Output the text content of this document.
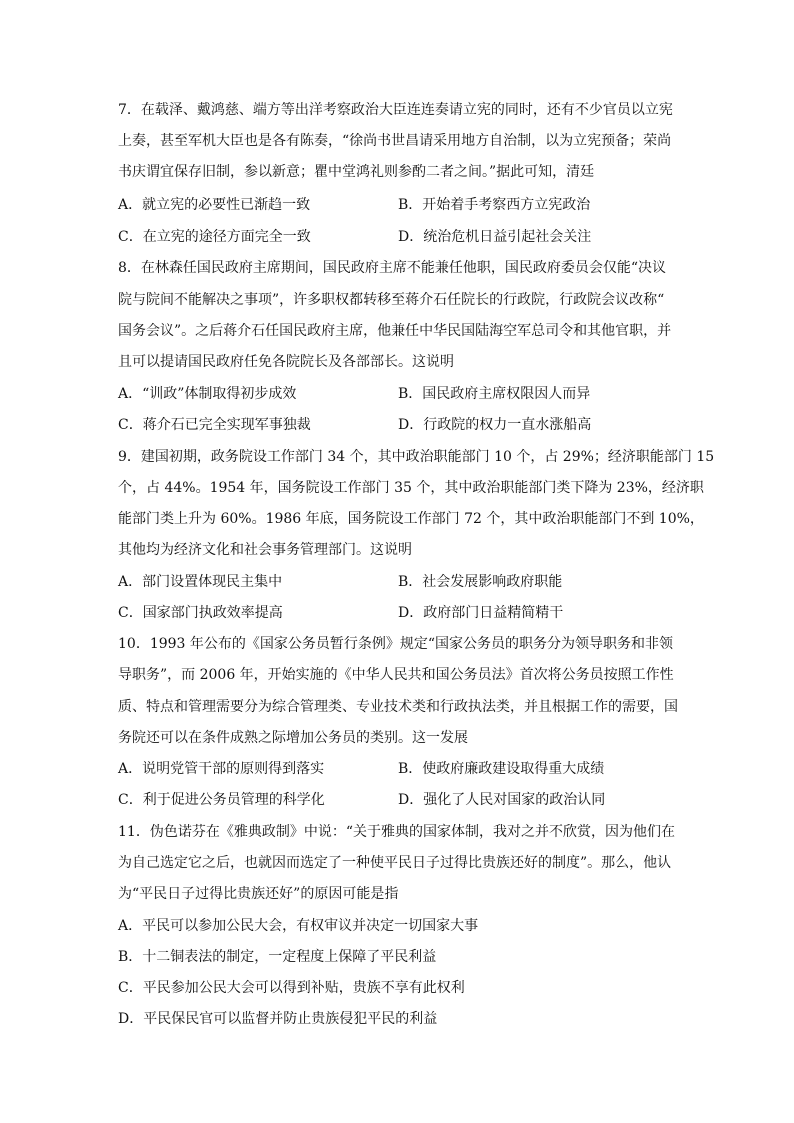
7．在载泽、戴鸿慈、端方等出洋考察政治大臣连连奏请立宪的同时，还有不少官员以立宪
上奏，甚至军机大臣也是各有陈奏，“徐尚书世昌请采用地方自治制，以为立宪预备；荣尚
书庆谓宜保存旧制，参以新意；瞿中堂鸿礼则参酌二者之间。”据此可知，清廷
A．就立宪的必要性已渐趋一致	B．开始着手考察西方立宪政治
C．在立宪的途径方面完全一致	D．统治危机日益引起社会关注
8．在林森任国民政府主席期间，国民政府主席不能兼任他职，国民政府委员会仅能“决议
院与院间不能解决之事项”，许多职权都转移至蒋介石任院长的行政院，行政院会议改称“
国务会议”。之后蒋介石任国民政府主席，他兼任中华民国陆海空军总司令和其他官职，并
且可以提请国民政府任免各院院长及各部部长。这说明
A．“训政”体制取得初步成效	B．国民政府主席权限因人而异
C．蒋介石已完全实现军事独裁	D．行政院的权力一直水涨船高
9．建国初期，政务院设工作部门 34 个，其中政治职能部门 10 个，占 29%；经济职能部门 15
个，占 44%。1954 年，国务院设工作部门 35 个，其中政治职能部门类下降为 23%，经济职
能部门类上升为 60%。1986 年底，国务院设工作部门 72 个，其中政治职能部门不到 10%，
其他均为经济文化和社会事务管理部门。这说明
A．部门设置体现民主集中	B．社会发展影响政府职能
C．国家部门执政效率提高	D．政府部门日益精简精干
10．1993 年公布的《国家公务员暂行条例》规定“国家公务员的职务分为领导职务和非领
导职务”，而 2006 年，开始实施的《中华人民共和国公务员法》首次将公务员按照工作性
质、特点和管理需要分为综合管理类、专业技术类和行政执法类，并且根据工作的需要，国
务院还可以在条件成熟之际增加公务员的类别。这一发展
A．说明党管干部的原则得到落实	B．使政府廉政建设取得重大成绩
C．利于促进公务员管理的科学化	D．强化了人民对国家的政治认同
11．伪色诺芬在《雅典政制》中说：“关于雅典的国家体制，我对之并不欣赏，因为他们在
为自己选定它之后，也就因而选定了一种使平民日子过得比贵族还好的制度”。那么，他认
为“平民日子过得比贵族还好”的原因可能是指
A．平民可以参加公民大会，有权审议并决定一切国家大事
B．十二铜表法的制定，一定程度上保障了平民利益
C．平民参加公民大会可以得到补贴，贵族不享有此权利
D．平民保民官可以监督并防止贵族侵犯平民的利益
